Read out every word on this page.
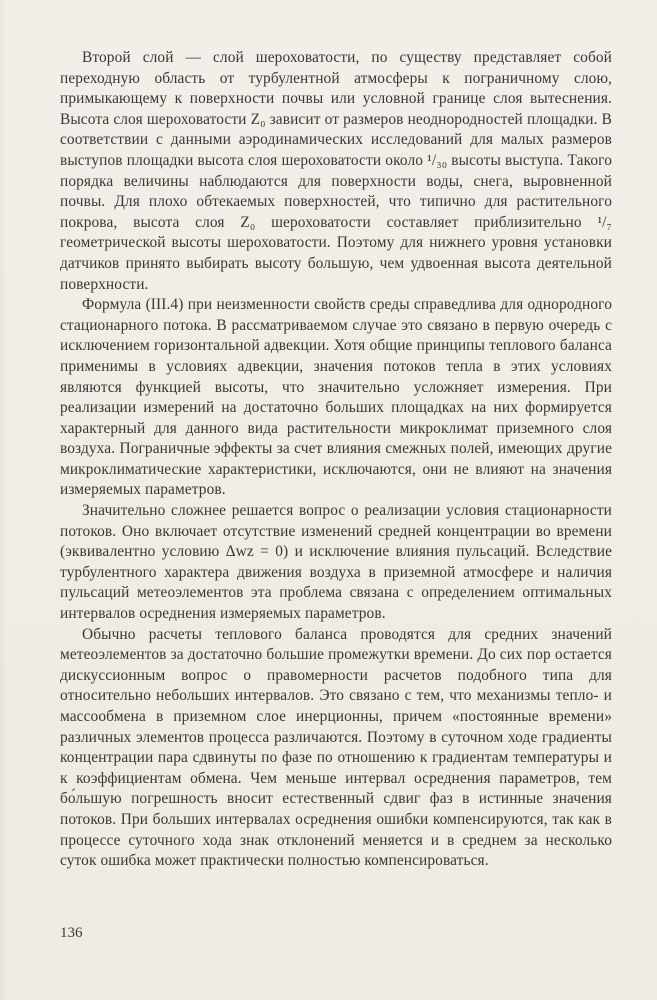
Второй слой — слой шероховатости, по существу представляет собой переходную область от турбулентной атмосферы к пограничному слою, примыкающему к поверхности почвы или условной границе слоя вытеснения. Высота слоя шероховатости Z₀ зависит от размеров неоднородностей площадки. В соответствии с данными аэродинамических исследований для малых размеров выступов площадки высота слоя шероховатости около ¹/₃₀ высоты выступа. Такого порядка величины наблюдаются для поверхности воды, снега, выровненной почвы. Для плохо обтекаемых поверхностей, что типично для растительного покрова, высота слоя Z₀ шероховатости составляет приблизительно ¹/₇ геометрической высоты шероховатости. Поэтому для нижнего уровня установки датчиков принято выбирать высоту большую, чем удвоенная высота деятельной поверхности.

Формула (III.4) при неизменности свойств среды справедлива для однородного стационарного потока. В рассматриваемом случае это связано в первую очередь с исключением горизонтальной адвекции. Хотя общие принципы теплового баланса применимы в условиях адвекции, значения потоков тепла в этих условиях являются функцией высоты, что значительно усложняет измерения. При реализации измерений на достаточно больших площадках на них формируется характерный для данного вида растительности микроклимат приземного слоя воздуха. Пограничные эффекты за счет влияния смежных полей, имеющих другие микроклиматические характеристики, исключаются, они не влияют на значения измеряемых параметров.

Значительно сложнее решается вопрос о реализации условия стационарности потоков. Оно включает отсутствие изменений средней концентрации во времени (эквивалентно условию Δwz = 0) и исключение влияния пульсаций. Вследствие турбулентного характера движения воздуха в приземной атмосфере и наличия пульсаций метеоэлементов эта проблема связана с определением оптимальных интервалов осреднения измеряемых параметров.

Обычно расчеты теплового баланса проводятся для средних значений метеоэлементов за достаточно большие промежутки времени. До сих пор остается дискуссионным вопрос о правомерности расчетов подобного типа для относительно небольших интервалов. Это связано с тем, что механизмы тепло- и массообмена в приземном слое инерционны, причем «постоянные времени» различных элементов процесса различаются. Поэтому в суточном ходе градиенты концентрации пара сдвинуты по фазе по отношению к градиентам температуры и к коэффициентам обмена. Чем меньше интервал осреднения параметров, тем бо́льшую погрешность вносит естественный сдвиг фаз в истинные значения потоков. При больших интервалах осреднения ошибки компенсируются, так как в процессе суточного хода знак отклонений меняется и в среднем за несколько суток ошибка может практически полностью компенсироваться.

136
